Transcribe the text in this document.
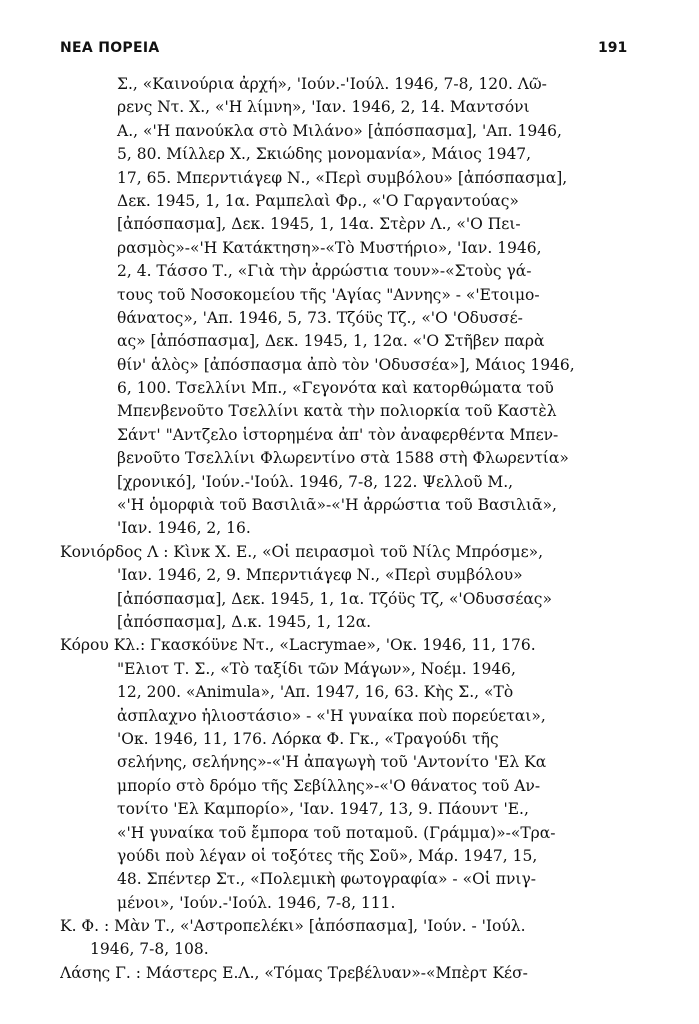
ΝΕΑ ΠΟΡΕΙΑ	191
Σ., «Καινούρια ἀρχή», 'Ιούν.-'Ιούλ. 1946, 7-8, 120. Λῶ-
ρενς Ντ. Χ., «'Η λίμνη», 'Ιαν. 1946, 2, 14. Μαντσόνι
Α., «'Η πανούκλα στὸ Μιλάνο» [ἀπόσπασμα], 'Απ. 1946,
5, 80. Μίλλερ Χ., Σκιώδης μονομανία», Μάιος 1947,
17, 65. Μπερντιάγεφ Ν., «Περὶ συμβόλου» [ἀπόσπασμα],
Δεκ. 1945, 1, 1α. Ραμπελαὶ Φρ., «'Ο Γαργαντούας»
[ἀπόσπασμα], Δεκ. 1945, 1, 14α. Στὲρν Λ., «'Ο Πει-
ρασμὸς»-«'Η Κατάκτηση»-«Τὸ Μυστήριο», 'Ιαν. 1946,
2, 4. Τάσσο Τ., «Γιὰ τὴν ἀρρώστια τουν»-«Στοὺς γά-
τους τοῦ Νοσοκομείου τῆς 'Αγίας "Αννης» - «'Ετοιμο-
θάνατος», 'Απ. 1946, 5, 73. Τζόϋς Τζ., «'Ο 'Οδυσσέ-
ας» [ἀπόσπασμα], Δεκ. 1945, 1, 12α. «'Ο Στῆβεν παρὰ
θίν' ἁλὸς» [ἀπόσπασμα ἀπὸ τὸν 'Οδυσσέα»], Μάιος 1946,
6, 100. Τσελλίνι Μπ., «Γεγονότα καὶ κατορθώματα τοῦ
Μπενβενοῦτο Τσελλίνι κατὰ τὴν πολιορκία τοῦ Καστὲλ
Σάντ' "Αντζελο ἱστορημένα ἀπ' τὸν ἀναφερθέντα Μπεν-
βενοῦτο Τσελλίνι Φλωρεντίνο στὰ 1588 στὴ Φλωρεντία»
[χρονικό], 'Ιούν.-'Ιούλ. 1946, 7-8, 122. Ψελλοῦ Μ.,
«'Η ὁμορφιὰ τοῦ Βασιλιᾶ»-«'Η ἀρρώστια τοῦ Βασιλιᾶ»,
'Ιαν. 1946, 2, 16.
Κονιόρδος Λ : Κὶνκ Χ. Ε., «Οἱ πειρασμοὶ τοῦ Νίλς Μπρόσμε»,
'Ιαν. 1946, 2, 9. Μπερντιάγεφ Ν., «Περὶ συμβόλου»
[ἀπόσπασμα], Δεκ. 1945, 1, 1α. Τζόϋς Τζ, «'Οδυσσέας»
[ἀπόσπασμα], Δ.κ. 1945, 1, 12α.
Κόρου Κλ.: Γκασκόϋνε Ντ., «Lacrymae», 'Οκ. 1946, 11, 176.
"Ελιοτ Τ. Σ., «Τὸ ταξίδι τῶν Μάγων», Νοέμ. 1946,
12, 200. «Animula», 'Απ. 1947, 16, 63. Κὴς Σ., «Τὸ
ἀσπλαχνο ἡλιοστάσιο» - «'Η γυναίκα ποὺ πορεύεται»,
'Οκ. 1946, 11, 176. Λόρκα Φ. Γκ., «Τραγούδι τῆς
σελήνης, σελήνης»-«'Η ἀπαγωγὴ τοῦ 'Αντονίτο 'Ελ Κα
μπορίο στὸ δρόμο τῆς Σεβίλλης»-«'Ο θάνατος τοῦ Αν-
τονίτο 'Ελ Καμπορίο», 'Ιαν. 1947, 13, 9. Πάουντ 'Ε.,
«'Η γυναίκα τοῦ ἔμπορα τοῦ ποταμοῦ. (Γράμμα)»-«Τρα-
γούδι ποὺ λέγαν οἱ τοξότες τῆς Σοῦ», Μάρ. 1947, 15,
48. Σπέντερ Στ., «Πολεμικὴ φωτογραφία» - «Οἱ πνιγ-
μένοι», 'Ιούν.-'Ιούλ. 1946, 7-8, 111.
Κ. Φ. : Μὰν Τ., «'Αστροπελέκι» [ἀπόσπασμα], 'Ιούν. - 'Ιούλ.
1946, 7-8, 108.
Λάσης Γ. : Μάστερς Ε.Λ., «Τόμας Τρεβέλυαν»-«Μπὲρτ Κέσ-
